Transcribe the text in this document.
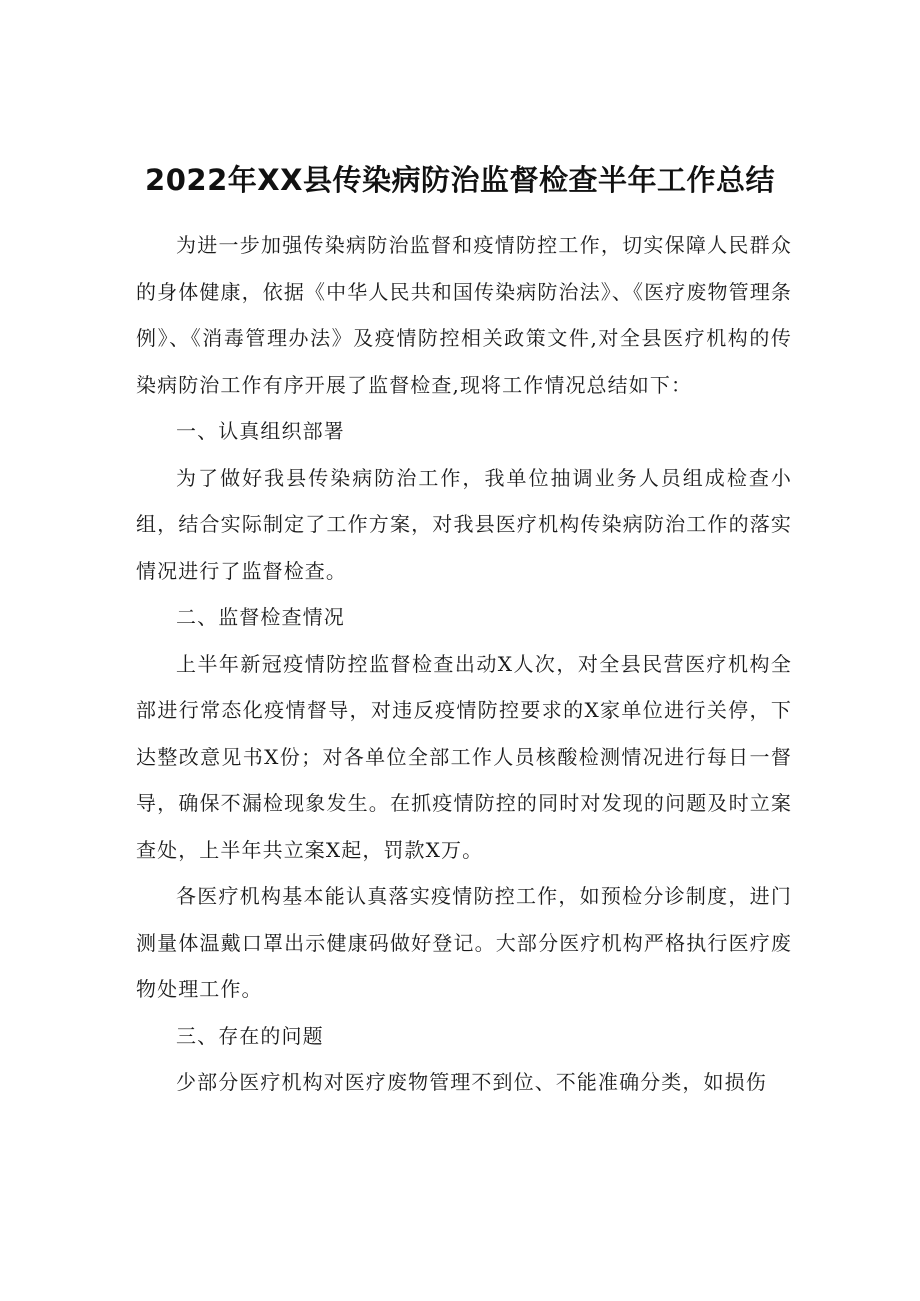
2022年XX县传染病防治监督检查半年工作总结

为进一步加强传染病防治监督和疫情防控工作，切实保障人民群众的身体健康，依据《中华人民共和国传染病防治法》、《医疗废物管理条例》、《消毒管理办法》及疫情防控相关政策文件,对全县医疗机构的传染病防治工作有序开展了监督检查,现将工作情况总结如下：

一、认真组织部署

为了做好我县传染病防治工作，我单位抽调业务人员组成检查小组，结合实际制定了工作方案，对我县医疗机构传染病防治工作的落实情况进行了监督检查。

二、监督检查情况

上半年新冠疫情防控监督检查出动X人次，对全县民营医疗机构全部进行常态化疫情督导，对违反疫情防控要求的X家单位进行关停，下达整改意见书X份；对各单位全部工作人员核酸检测情况进行每日一督导，确保不漏检现象发生。在抓疫情防控的同时对发现的问题及时立案查处，上半年共立案X起，罚款X万。

各医疗机构基本能认真落实疫情防控工作，如预检分诊制度，进门测量体温戴口罩出示健康码做好登记。大部分医疗机构严格执行医疗废物处理工作。

三、存在的问题

少部分医疗机构对医疗废物管理不到位、不能准确分类，如损伤
